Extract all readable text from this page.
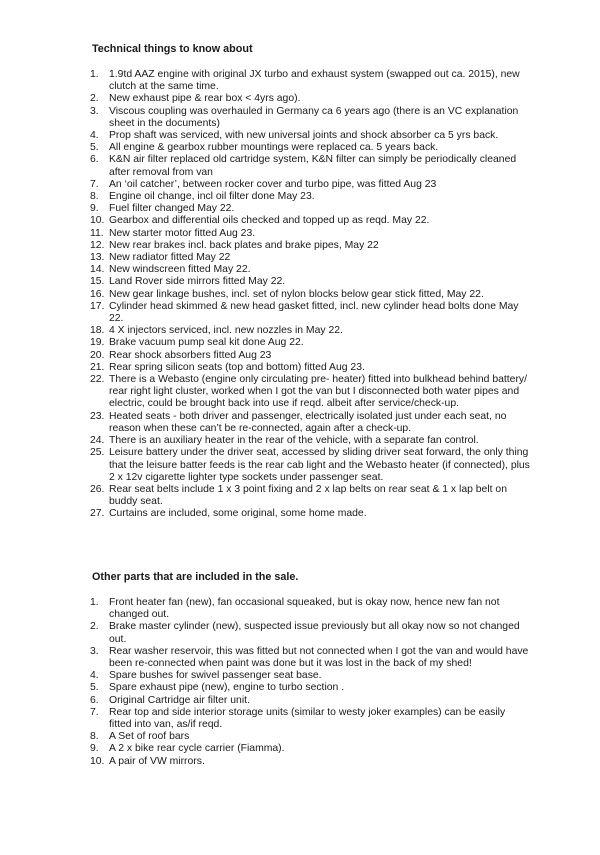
Technical things to know about
1. 1.9td AAZ engine with original JX turbo and exhaust system (swapped out ca. 2015), new clutch at the same time.
2. New exhaust pipe & rear box < 4yrs ago).
3. Viscous coupling was overhauled in Germany ca 6 years ago (there is an VC explanation sheet in the documents)
4. Prop shaft was serviced, with new universal joints and shock absorber ca 5 yrs back.
5. All engine & gearbox rubber mountings were replaced ca. 5 years back.
6. K&N air filter replaced old cartridge system, K&N filter can simply be periodically cleaned after removal from van
7. An ‘oil catcher’, between rocker cover and turbo pipe, was fitted Aug 23
8. Engine oil change, incl oil filter done May 23.
9. Fuel filter changed May 22.
10. Gearbox and differential oils checked and topped up as reqd. May 22.
11. New starter motor fitted Aug 23.
12. New rear brakes incl. back plates and brake pipes, May 22
13. New radiator fitted May 22
14. New windscreen fitted May 22.
15. Land Rover side mirrors fitted May 22.
16. New gear linkage bushes, incl. set of nylon blocks below gear stick fitted, May 22.
17. Cylinder head skimmed & new head gasket fitted, incl. new cylinder head bolts done May 22.
18. 4 X injectors serviced, incl. new nozzles in May 22.
19. Brake vacuum pump seal kit done Aug 22.
20. Rear shock absorbers fitted Aug 23
21. Rear spring silicon seats (top and bottom) fitted Aug 23.
22. There is a Webasto (engine only circulating pre- heater) fitted into bulkhead behind battery/ rear right light cluster, worked when I got the van but I disconnected both water pipes and electric, could be brought back into use if reqd. albeit after service/check-up.
23. Heated seats - both driver and passenger, electrically isolated just under each seat, no reason when these can’t be re-connected, again after a check-up.
24. There is an auxiliary heater in the rear of the vehicle, with a separate fan control.
25. Leisure battery under the driver seat, accessed by sliding driver seat forward, the only thing that the leisure batter feeds is the rear cab light and the Webasto heater (if connected), plus 2 x 12v cigarette lighter type sockets under passenger seat.
26. Rear seat belts include 1 x 3 point fixing and 2 x lap belts on rear seat & 1 x lap belt on buddy seat.
27. Curtains are included, some original, some home made.
Other parts that are included in the sale.
1. Front heater fan (new), fan occasional squeaked, but is okay now, hence new fan not changed out.
2. Brake master cylinder (new), suspected issue previously but all okay now so not changed out.
3. Rear washer reservoir, this was fitted but not connected when I got the van and would have been re-connected when paint was done but it was lost in the back of my shed!
4. Spare bushes for swivel passenger seat base.
5. Spare exhaust pipe (new), engine to turbo section .
6. Original Cartridge air filter unit.
7. Rear top and side interior storage units (similar to westy joker examples) can be easily fitted into van, as/if reqd.
8. A Set of roof bars
9. A 2 x bike rear cycle carrier (Fiamma).
10. A pair of VW mirrors.
